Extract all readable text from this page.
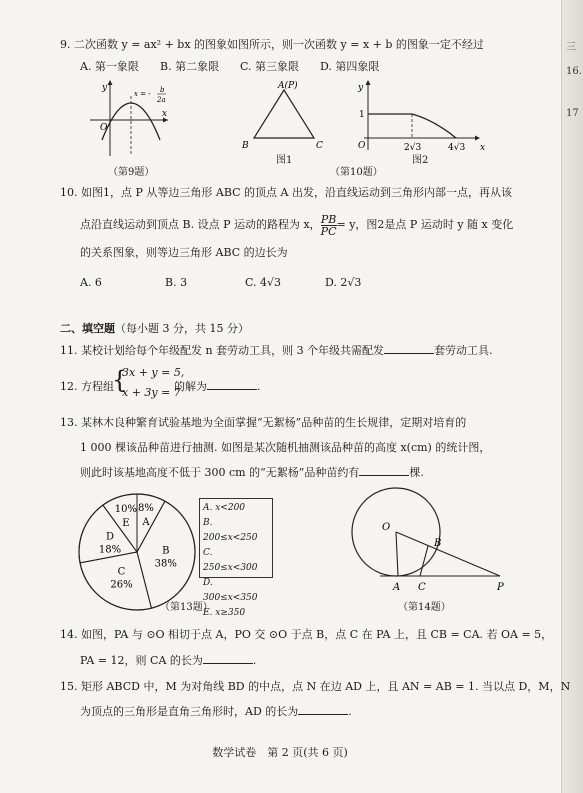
三
16.
17
9. 二次函数 y = ax² + bx 的图象如图所示，则一次函数 y = x + b 的图象一定不经过
A. 第一象限 B. 第二象限 C. 第三象限 D. 第四象限
y
x
O
x = - b
2a
（第9题）
A(P)
B	C
图1
y
x
O
1
2√3	4√3
图2
（第10题）
10. 如图1，点 P 从等边三角形 ABC 的顶点 A 出发，沿直线运动到三角形内部一点，再从该
点沿直线运动到顶点 B. 设点 P 运动的路程为 x， $\frac{PB}{PC} = y$，图2是点 P 运动时 y 随 x 变化
的关系图象，则等边三角形 ABC 的边长为
A. 6	B. 3	C. 4√3	D. 2√3
二、填空题（每小题 3 分，共 15 分）
11. 某校计划给每个年级配发 n 套劳动工具，则 3 个年级共需配发	套劳动工具.
12. 方程组
{
3x + y = 5,
x + 3y = 7
的解为	.
13. 某林木良种繁育试验基地为全面掌握“无絮杨”品种苗的生长规律，定期对培育的
1 000 棵该品种苗进行抽测. 如图是某次随机抽测该品种苗的高度 x(cm) 的统计图，
则此时该基地高度不低于 300 cm 的“无絮杨”品种苗约有	棵.
A
8%
B
38%
C
26%
D
18%
E
10%	A. x<200
B. 200≤x<250
C. 250≤x<300
D. 300≤x<350
E. x≥350
（第13题）
O
B
A C	P
（第14题）
14. 如图，PA 与 ⊙O 相切于点 A，PO 交 ⊙O 于点 B，点 C 在 PA 上，且 CB = CA. 若 OA = 5，
PA = 12，则 CA 的长为	.
15. 矩形 ABCD 中，M 为对角线 BD 的中点，点 N 在边 AD 上，且 AN = AB = 1. 当以点 D，M，N
为顶点的三角形是直角三角形时，AD 的长为	.
数学试卷　第 2 页(共 6 页)
